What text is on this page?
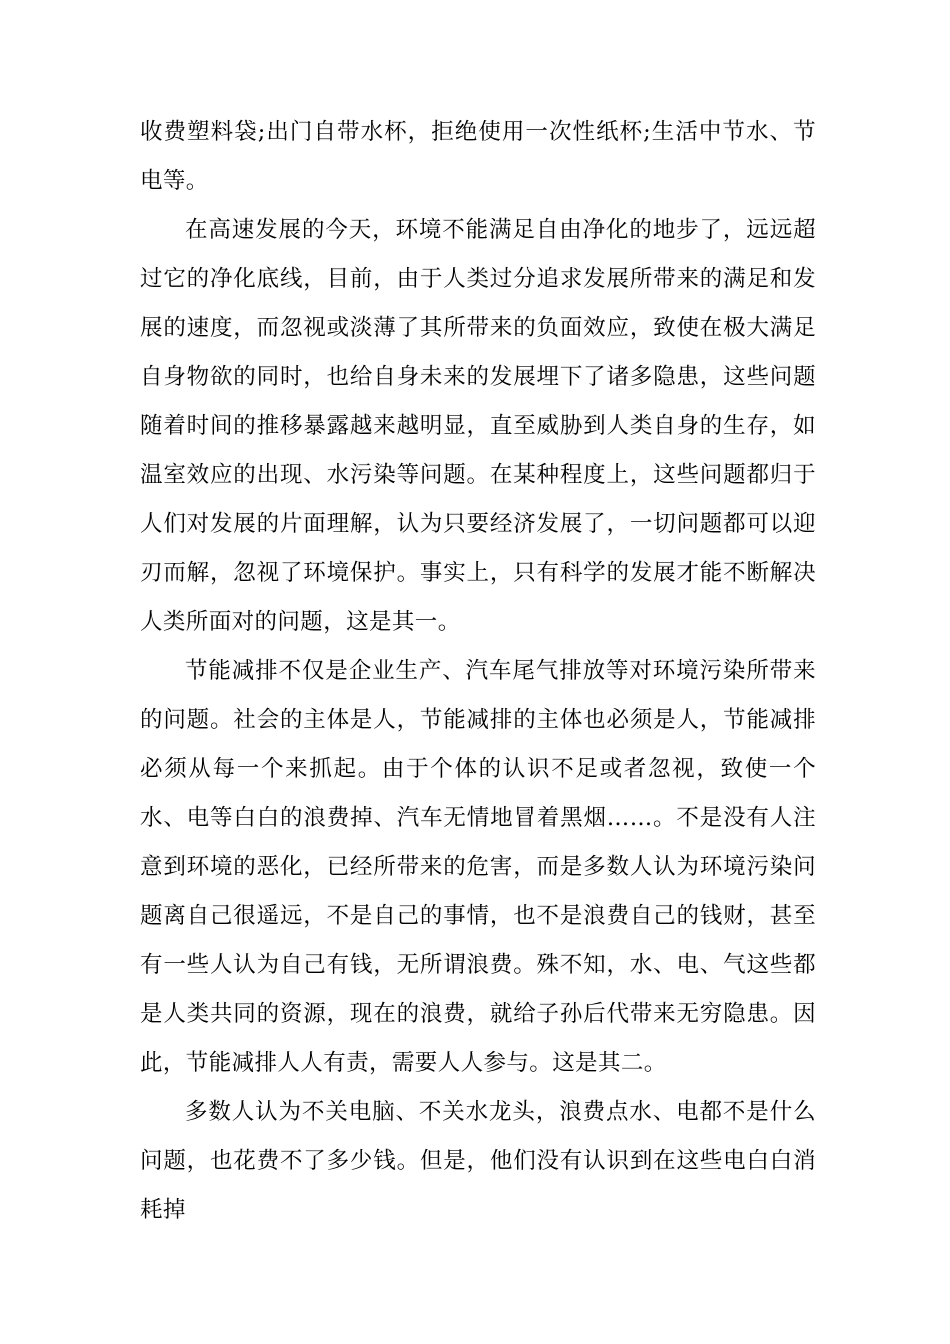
收费塑料袋;出门自带水杯，拒绝使用一次性纸杯;生活中节水、节电等。

在高速发展的今天，环境不能满足自由净化的地步了，远远超过它的净化底线，目前，由于人类过分追求发展所带来的满足和发展的速度，而忽视或淡薄了其所带来的负面效应，致使在极大满足自身物欲的同时，也给自身未来的发展埋下了诸多隐患，这些问题随着时间的推移暴露越来越明显，直至威胁到人类自身的生存，如温室效应的出现、水污染等问题。在某种程度上，这些问题都归于人们对发展的片面理解，认为只要经济发展了，一切问题都可以迎刃而解，忽视了环境保护。事实上，只有科学的发展才能不断解决人类所面对的问题，这是其一。

节能减排不仅是企业生产、汽车尾气排放等对环境污染所带来的问题。社会的主体是人，节能减排的主体也必须是人，节能减排必须从每一个来抓起。由于个体的认识不足或者忽视，致使一个水、电等白白的浪费掉、汽车无情地冒着黑烟……。不是没有人注意到环境的恶化，已经所带来的危害，而是多数人认为环境污染问题离自己很遥远，不是自己的事情，也不是浪费自己的钱财，甚至有一些人认为自己有钱，无所谓浪费。殊不知，水、电、气这些都是人类共同的资源，现在的浪费，就给子孙后代带来无穷隐患。因此，节能减排人人有责，需要人人参与。这是其二。

多数人认为不关电脑、不关水龙头，浪费点水、电都不是什么问题，也花费不了多少钱。但是，他们没有认识到在这些电白白消耗掉
